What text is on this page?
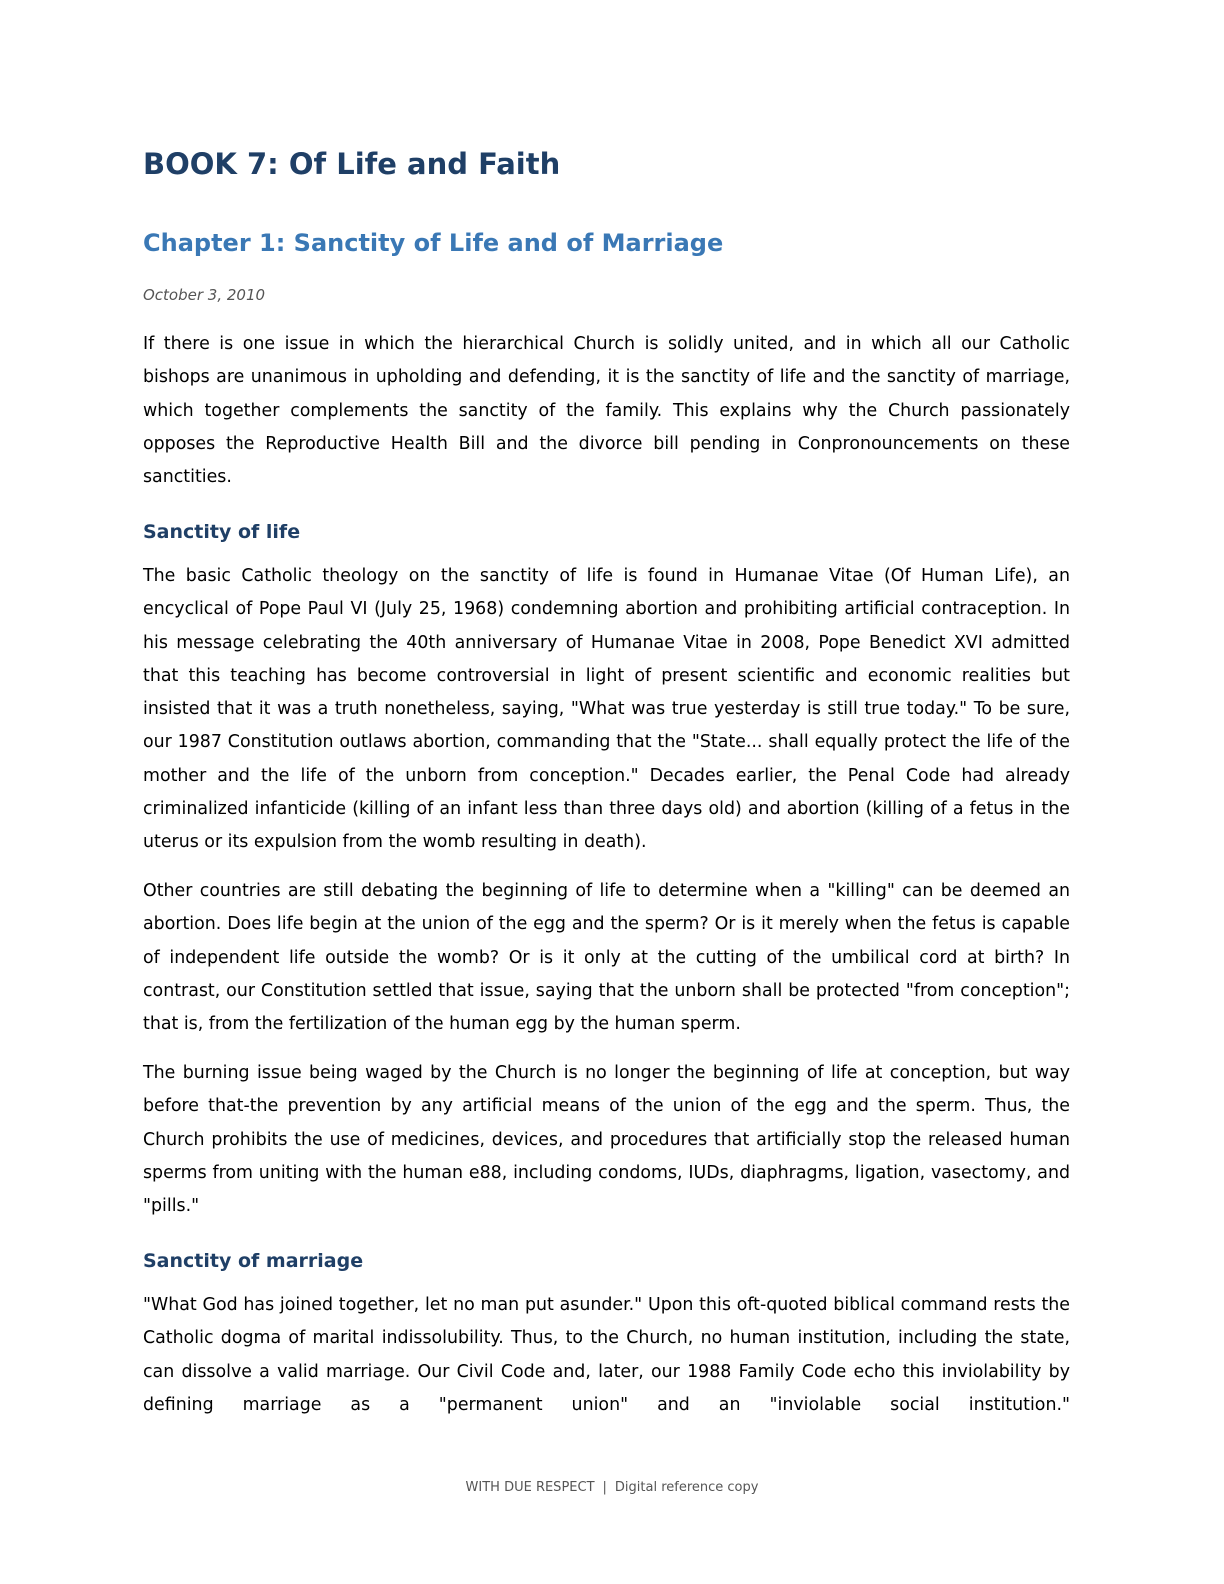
BOOK 7: Of Life and Faith
Chapter 1: Sanctity of Life and of Marriage

October 3, 2010

If there is one issue in which the hierarchical Church is solidly united, and in which all our Catholic bishops are unanimous in upholding and defending, it is the sanctity of life and the sanctity of marriage, which together complements the sanctity of the family. This explains why the Church passionately opposes the Reproductive Health Bill and the divorce bill pending in Conpronouncements on these sanctities.

Sanctity of life

The basic Catholic theology on the sanctity of life is found in Humanae Vitae (Of Human Life), an encyclical of Pope Paul VI (July 25, 1968) condemning abortion and prohibiting artificial contraception. In his message celebrating the 40th anniversary of Humanae Vitae in 2008, Pope Benedict XVI admitted that this teaching has become controversial in light of present scientific and economic realities but insisted that it was a truth nonetheless, saying, "What was true yesterday is still true today." To be sure, our 1987 Constitution outlaws abortion, commanding that the "State... shall equally protect the life of the mother and the life of the unborn from conception." Decades earlier, the Penal Code had already criminalized infanticide (killing of an infant less than three days old) and abortion (killing of a fetus in the uterus or its expulsion from the womb resulting in death).

Other countries are still debating the beginning of life to determine when a "killing" can be deemed an abortion. Does life begin at the union of the egg and the sperm? Or is it merely when the fetus is capable of independent life outside the womb? Or is it only at the cutting of the umbilical cord at birth? In contrast, our Constitution settled that issue, saying that the unborn shall be protected "from conception"; that is, from the fertilization of the human egg by the human sperm.

The burning issue being waged by the Church is no longer the beginning of life at conception, but way before that-the prevention by any artificial means of the union of the egg and the sperm. Thus, the Church prohibits the use of medicines, devices, and procedures that artificially stop the released human sperms from uniting with the human e88, including condoms, IUDs, diaphragms, ligation, vasectomy, and "pills."

Sanctity of marriage

"What God has joined together, let no man put asunder." Upon this oft-quoted biblical command rests the Catholic dogma of marital indissolubility. Thus, to the Church, no human institution, including the state, can dissolve a valid marriage. Our Civil Code and, later, our 1988 Family Code echo this inviolability by defining marriage as a "permanent union" and an "inviolable social institution."

WITH DUE RESPECT | Digital reference copy
